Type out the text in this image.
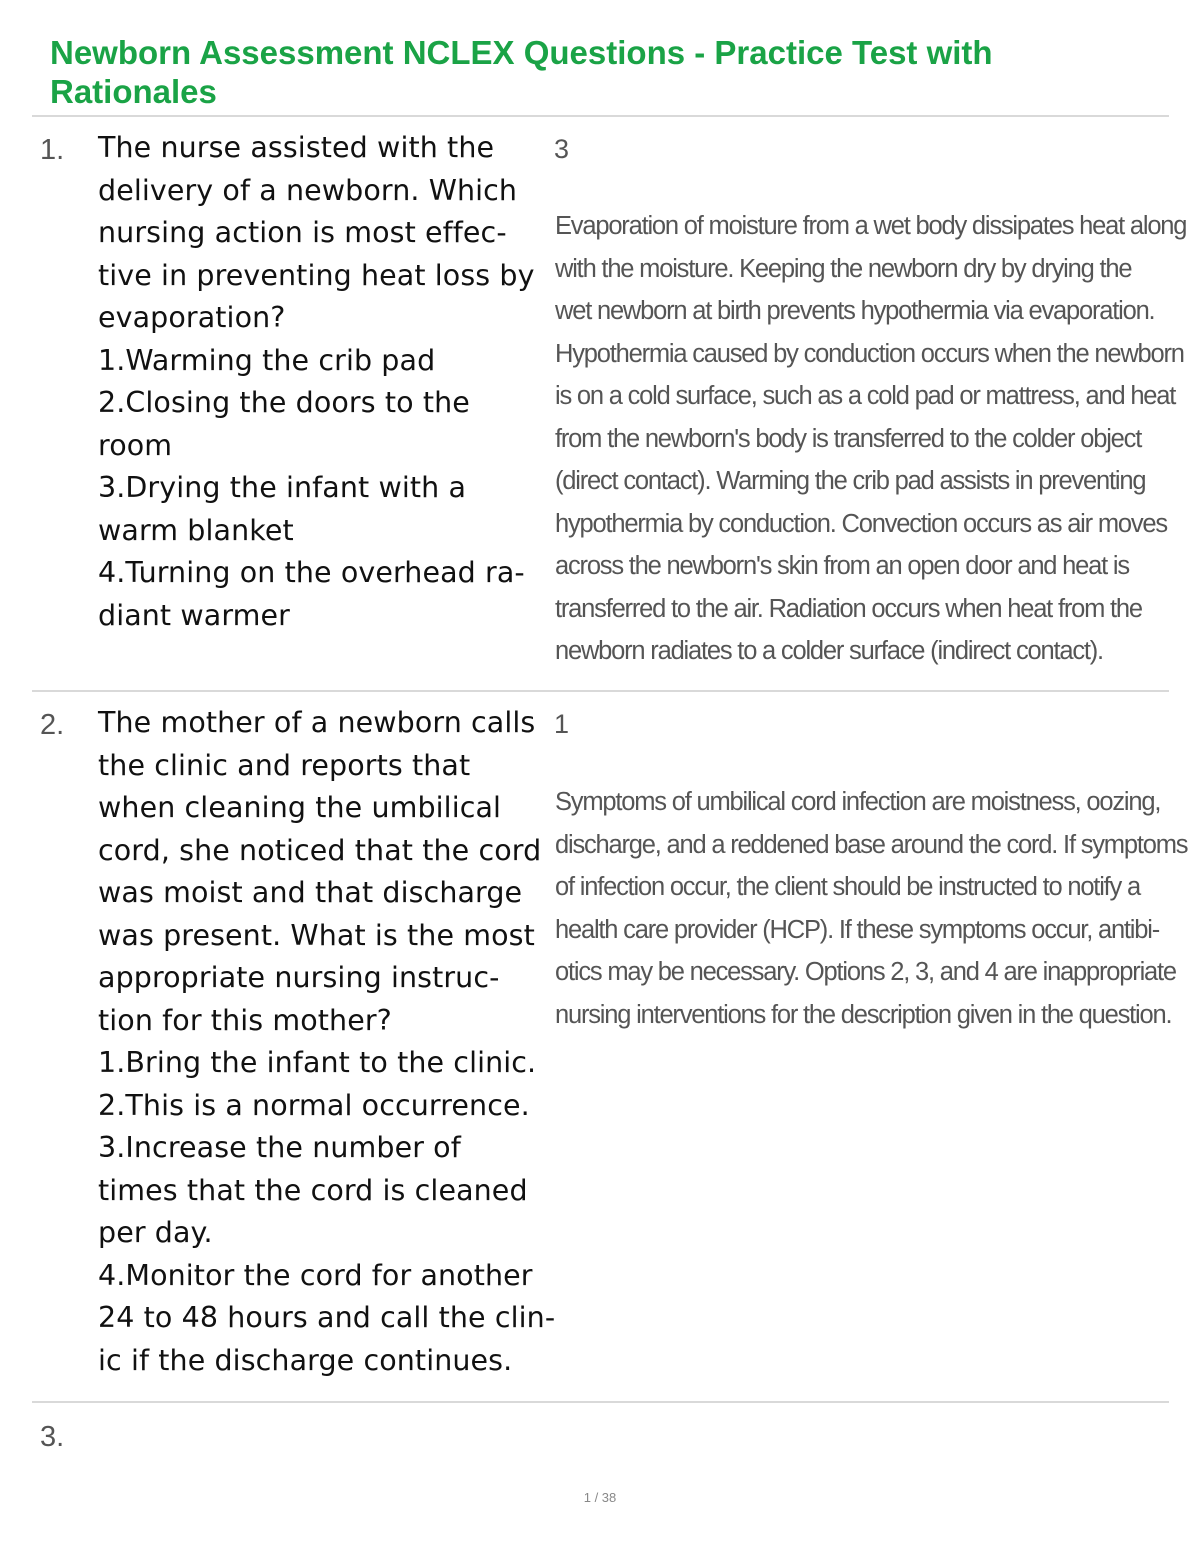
Newborn Assessment NCLEX Questions - Practice Test with Rationales
1. The nurse assisted with the
delivery of a newborn. Which
nursing action is most effec-
tive in preventing heat loss by
evaporation?
1.Warming the crib pad
2.Closing the doors to the
room
3.Drying the infant with a
warm blanket
4.Turning on the overhead ra-
diant warmer
3
Evaporation of moisture from a wet body dissipates heat along
with the moisture. Keeping the newborn dry by drying the
wet newborn at birth prevents hypothermia via evaporation.
Hypothermia caused by conduction occurs when the newborn
is on a cold surface, such as a cold pad or mattress, and heat
from the newborn's body is transferred to the colder object
(direct contact). Warming the crib pad assists in preventing
hypothermia by conduction. Convection occurs as air moves
across the newborn's skin from an open door and heat is
transferred to the air. Radiation occurs when heat from the
newborn radiates to a colder surface (indirect contact).
2. The mother of a newborn calls
the clinic and reports that
when cleaning the umbilical
cord, she noticed that the cord
was moist and that discharge
was present. What is the most
appropriate nursing instruc-
tion for this mother?
1.Bring the infant to the clinic.
2.This is a normal occurrence.
3.Increase the number of
times that the cord is cleaned
per day.
4.Monitor the cord for another
24 to 48 hours and call the clin-
ic if the discharge continues.
1
Symptoms of umbilical cord infection are moistness, oozing,
discharge, and a reddened base around the cord. If symptoms
of infection occur, the client should be instructed to notify a
health care provider (HCP). If these symptoms occur, antibi-
otics may be necessary. Options 2, 3, and 4 are inappropriate
nursing interventions for the description given in the question.
3.
1 / 38
